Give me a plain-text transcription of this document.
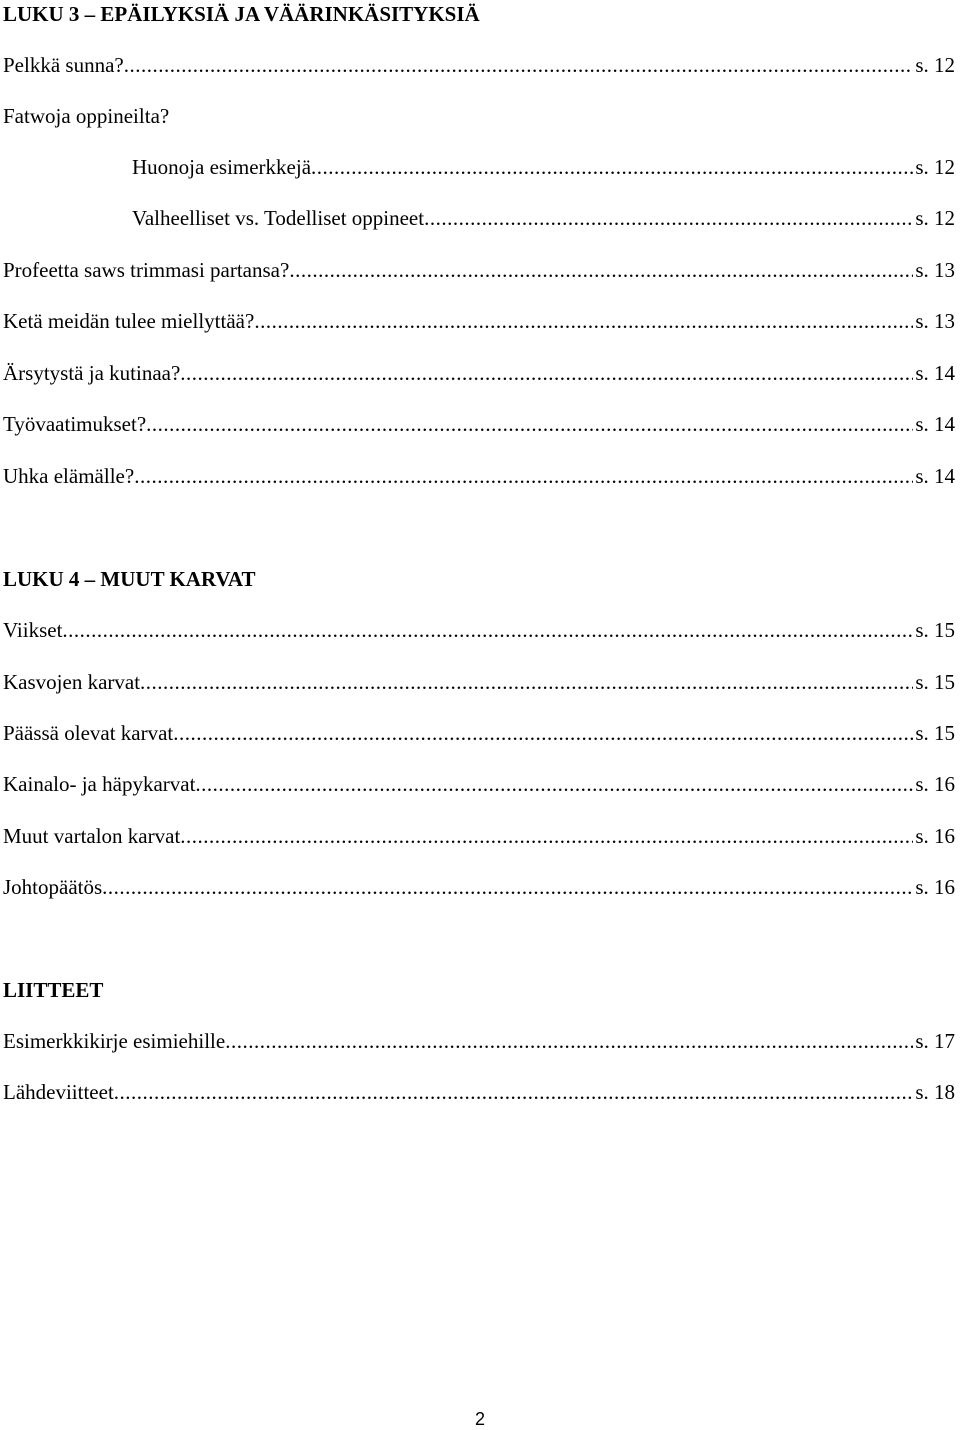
LUKU 3 – EPÄILYKSIÄ JA VÄÄRINKÄSITYKSIÄ
Pelkkä sunna? .....	s. 12
Fatwoja oppineilta?
Huonoja esimerkkejä .....	s. 12
Valheelliset vs. Todelliset oppineet .....	s. 12
Profeetta saws trimmasi partansa? .....	s. 13
Ketä meidän tulee miellyttää? .....	s. 13
Ärsytystä ja kutinaa? .....	s. 14
Työvaatimukset? .....	s. 14
Uhka elämälle? .....	s. 14
LUKU 4 – MUUT KARVAT
Viikset .....	s. 15
Kasvojen karvat .....	s. 15
Päässä olevat karvat .....	s. 15
Kainalo- ja häpykarvat .....	s. 16
Muut vartalon karvat .....	s. 16
Johtopäätös .....	s. 16
LIITTEET
Esimerkkikirje esimiehille .....	s. 17
Lähdeviitteet .....	s. 18
2
